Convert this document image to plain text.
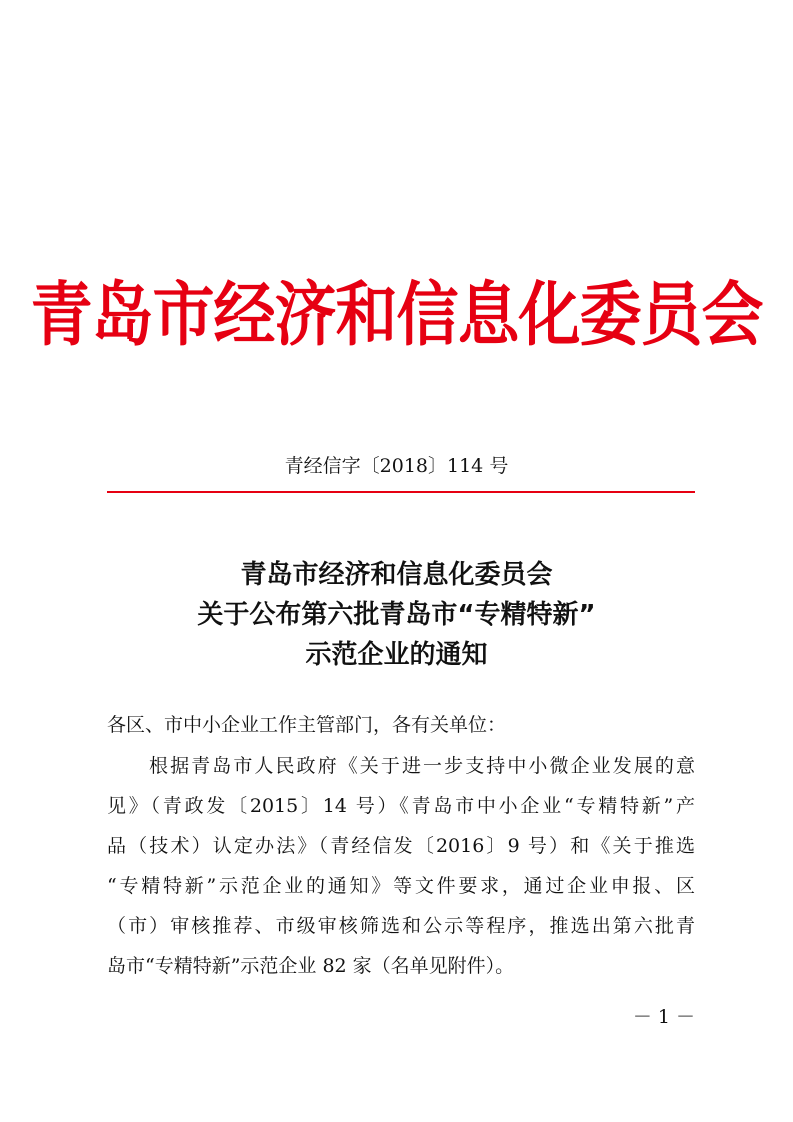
青岛市经济和信息化委员会
青经信字〔2018〕114 号
青岛市经济和信息化委员会
关于公布第六批青岛市“专精特新”
示范企业的通知
各区、市中小企业工作主管部门，各有关单位：
根据青岛市人民政府《关于进一步支持中小微企业发展的意
见》（青政发〔2015〕14 号）《青岛市中小企业“专精特新”产
品（技术）认定办法》（青经信发〔2016〕9 号）和《关于推选
“专精特新”示范企业的通知》等文件要求，通过企业申报、区
（市）审核推荐、市级审核筛选和公示等程序，推选出第六批青
岛市“专精特新”示范企业 82 家（名单见附件）。
－ 1 －
